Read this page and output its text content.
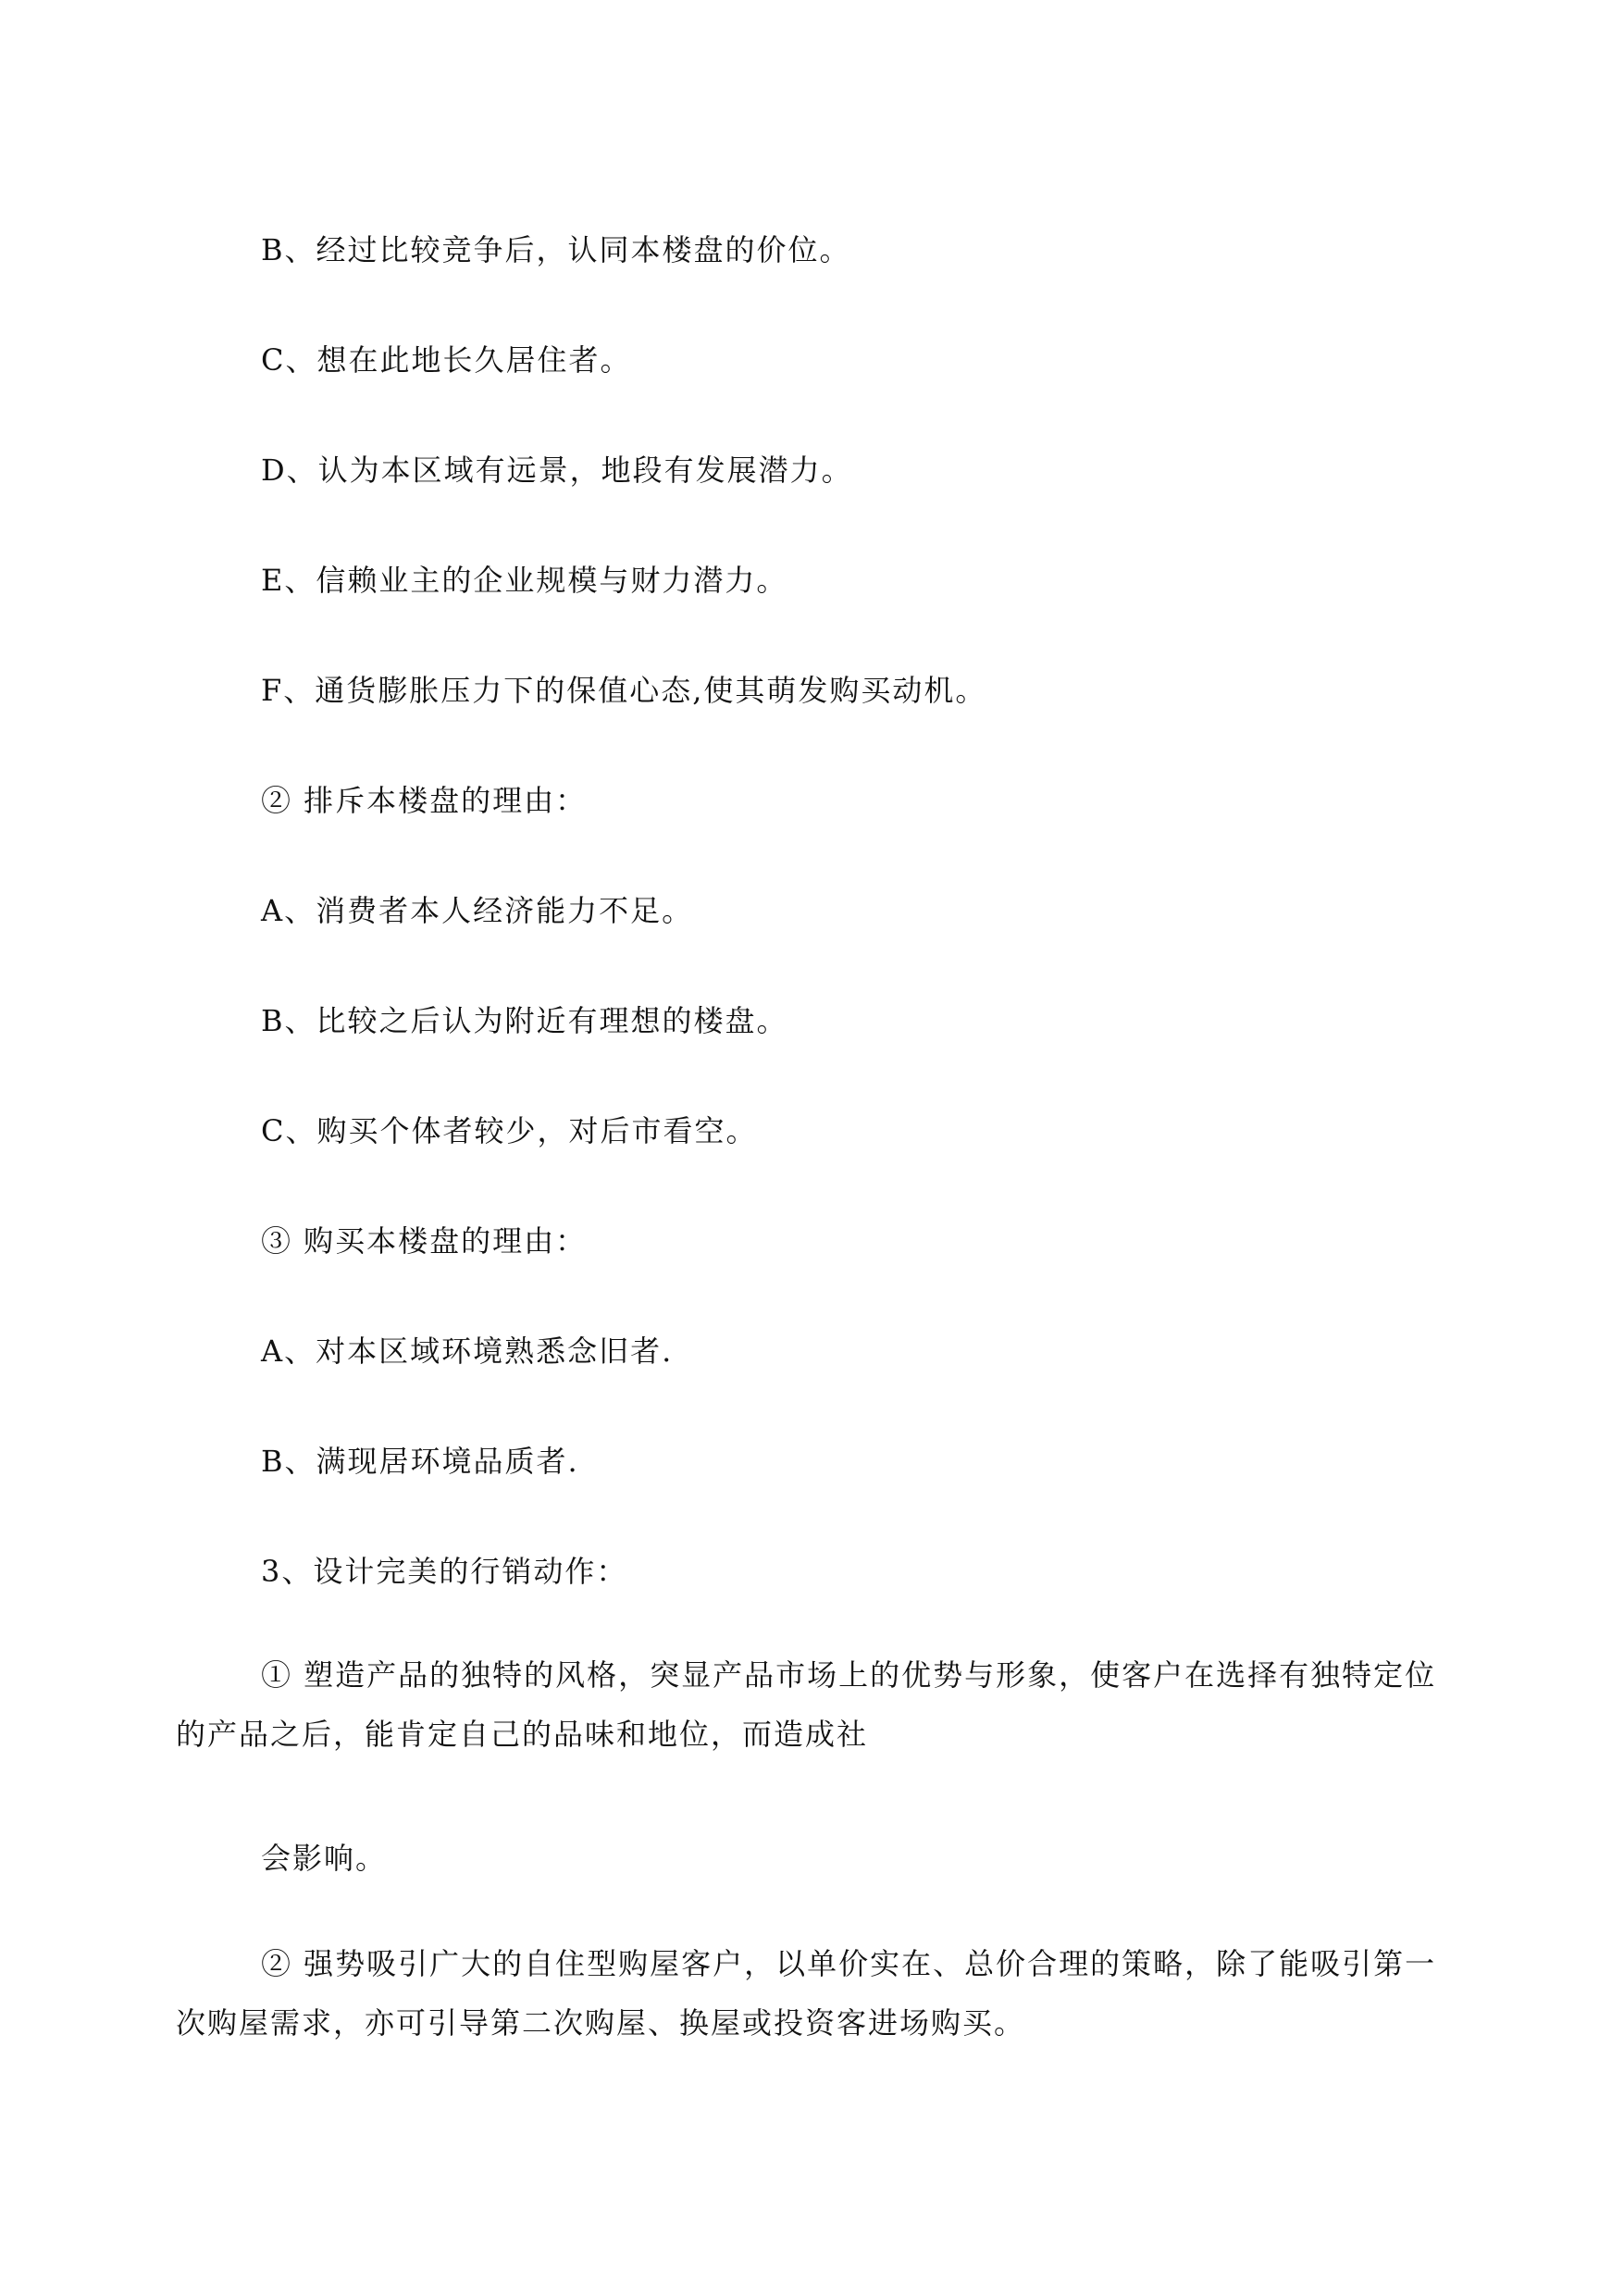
B、经过比较竞争后，认同本楼盘的价位。
C、想在此地长久居住者。
D、认为本区域有远景，地段有发展潜力。
E、信赖业主的企业规模与财力潜力。
F、通货膨胀压力下的保值心态,使其萌发购买动机。
② 排斥本楼盘的理由：
A、消费者本人经济能力不足。
B、比较之后认为附近有理想的楼盘。
C、购买个体者较少，对后市看空。
③ 购买本楼盘的理由：
A、对本区域环境熟悉念旧者.
B、满现居环境品质者.
3、设计完美的行销动作：
① 塑造产品的独特的风格，突显产品市场上的优势与形象，使客户在选择有独特定位的产品之后，能肯定自己的品味和地位，而造成社
会影响。
② 强势吸引广大的自住型购屋客户，以单价实在、总价合理的策略，除了能吸引第一次购屋需求，亦可引导第二次购屋、换屋或投资客进场购买。
